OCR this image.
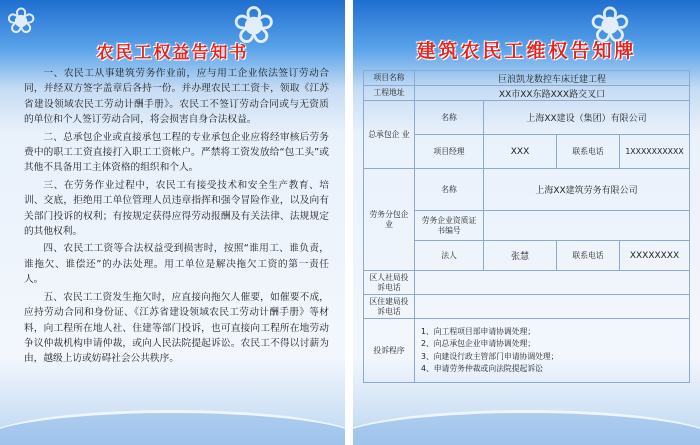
❀	❀
农民工权益告知书

一、农民工从事建筑劳务作业前，应与用工企业依法签订劳动合同，并经双方签字盖章后各持一份。并办理农民工工资卡，领取《江苏省建设领域农民工劳动计酬手册》。农民工不签订劳动合同或与无资质的单位和个人签订劳动合同，将会损害自身合法权益。

二、总承包企业或直接承包工程的专业承包企业应将经审核后劳务费中的职工工资直接打入职工工资帐户。严禁将工资发放给“包工头”或其他不具备用工主体资格的组织和个人。

三、在劳务作业过程中，农民工有接受技术和安全生产教育、培训、交底，拒绝用工单位管理人员违章指挥和强令冒险作业，以及向有关部门投诉的权利；有按规定获得应得劳动报酬及有关法律、法规规定的其他权利。

四、农民工工资等合法权益受到损害时，按照“谁用工、谁负责，谁拖欠、谁偿还”的办法处理。用工单位是解决拖欠工资的第一责任人。

五、农民工工资发生拖欠时，应直接向拖欠人催要，如催要不成，应持劳动合同和身份证、《江苏省建设领域农民工劳动计酬手册》等材料，向工程所在地人社、住建等部门投诉，也可直接向工程所在地劳动争议仲裁机构申请仲裁，或向人民法院提起诉讼。农民工不得以讨薪为由，越级上访或妨碍社会公共秩序。

❀
建筑农民工维权告知牌
项目名称	巨浪凯龙数控车床迁建工程			
工程地址	XX市XX东路XXX路交叉口			
总承包企 业	名称	上海XX建设（集团）有限公司		
	项目经理	XXX	联系电话	1XXXXXXXXXX
劳务分包企 业	名称	上海XX建筑劳务有限公司		
	劳务企业资质证书编号			
	法人	张慧	联系电话	XXXXXXXX
区人社局投诉电话				
区住建局投诉电话				
投诉程序	1、向工程项目部申请协调处理；
2、向总承包企业申请协调处理；
3、向建设行政主管部门申请协调处理；
4、申请劳务仲裁或向法院提起诉讼			
